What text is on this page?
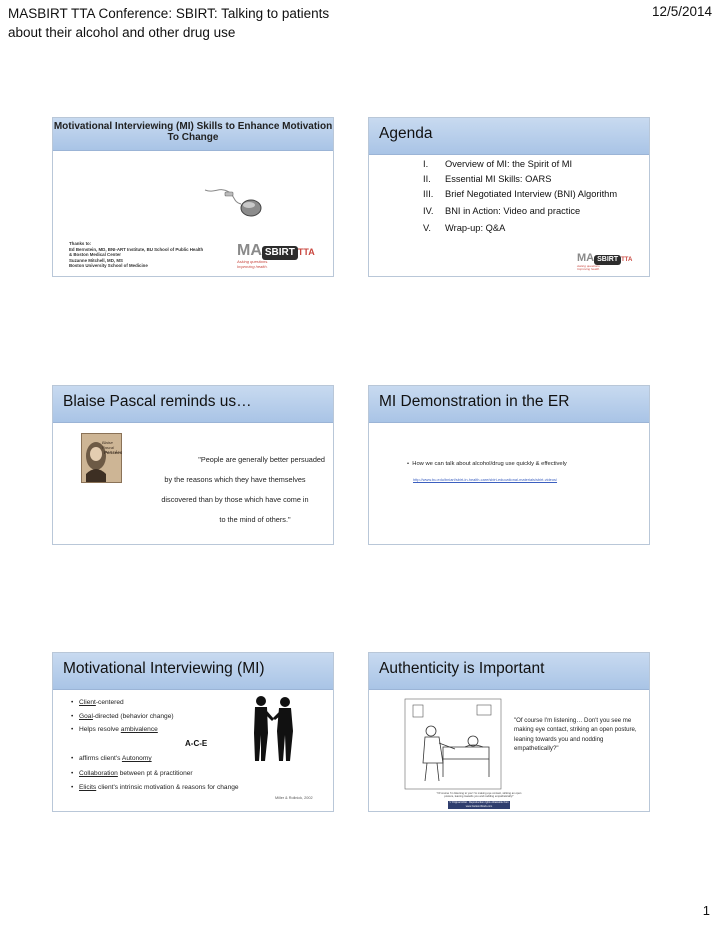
MASBIRT TTA Conference: SBIRT: Talking to patients about their alcohol and other drug use
12/5/2014
Motivational Interviewing (MI) Skills to Enhance Motivation To Change
Thanks to:
Ed Bernstein, MD, BNI-ART Institute, BU School of Public Health
& Boston Medical Center
Suzanne Mitchell, MD, MS
Boston University School of Medicine
MA SBIRT TTA
Asking questions.
Improving health.
Agenda
I. Overview of MI: the Spirit of MI
II. Essential MI Skills: OARS
III. Brief Negotiated Interview (BNI) Algorithm
IV. BNI in Action: Video and practice
V. Wrap-up: Q&A
MA SBIRT TTA
Asking questions.
Improving health.
Blaise Pascal reminds us…
Blaise Pascal
Pensées
"People are generally better persuaded
by the reasons which they have themselves
discovered than by those which have come in
to the mind of others."
MI Demonstration in the ER
•  How we can talk about alcohol/drug use quickly & effectively
http://www.bu.edu/bniart/sbirt-in-health-care/sbirt-educational-materials/sbirt-videos/
Motivational Interviewing (MI)
• Client-centered
• Goal-directed (behavior change)
• Helps resolve ambivalence
A-C-E
• affirms client's Autonomy
• Collaboration between pt & practitioner
• Elicits client's intrinsic motivation & reasons for change
Miller & Rollnick, 2002
Authenticity is Important
"Of course I'm listening to you! I'm making eye contact, striking an open posture, leaning towards you and nodding empathetically!"
© Original Artist · Reproduction rights obtainable from www.CartoonStock.com
"Of course I'm listening… Don't you see me making eye contact, striking an open posture, leaning towards you and nodding empathetically?"
1
